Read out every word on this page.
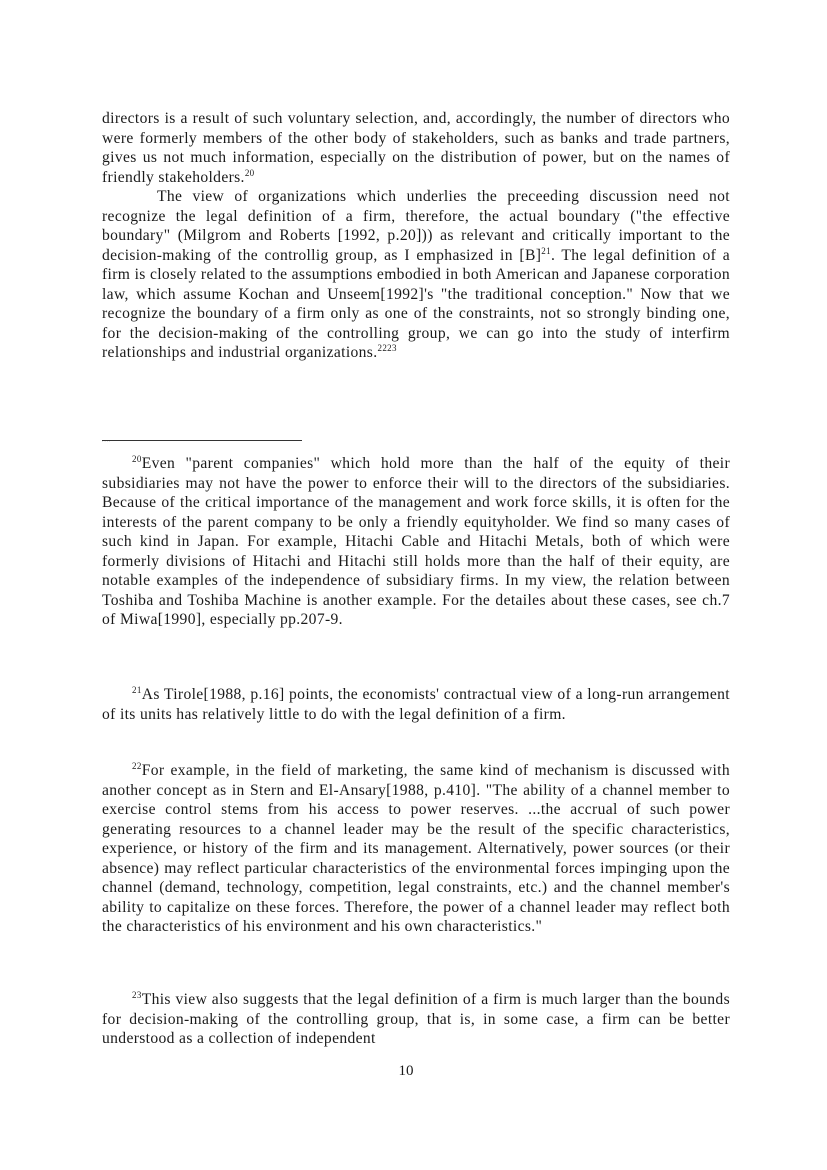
directors is a result of such voluntary selection, and, accordingly, the number of directors who were formerly members of the other body of stakeholders, such as banks and trade partners, gives us not much information, especially on the distribution of power, but on the names of friendly stakeholders.$^{20}$

The view of organizations which underlies the preceeding discussion need not recognize the legal definition of a firm, therefore, the actual boundary ("the effective boundary" (Milgrom and Roberts [1992, p.20])) as relevant and critically important to the decision-making of the controllig group, as I emphasized in $[B]^{21}$. The legal definition of a firm is closely related to the assumptions embodied in both American and Japanese corporation law, which assume Kochan and Unseem[1992]'s "the traditional conception." Now that we recognize the boundary of a firm only as one of the constraints, not so strongly binding one, for the decision-making of the controlling group, we can go into the study of interfirm relationships and industrial organizations.$^{2223}$

· · · ·

$^{20}$Even "parent companies" which hold more than the half of the equity of their subsidiaries may not have the power to enforce their will to the directors of the subsidiaries. Because of the critical importance of the management and work force skills, it is often for the interests of the parent company to be only a friendly equityholder. We find so many cases of such kind in Japan. For example, Hitachi Cable and Hitachi Metals, both of which were formerly divisions of Hitachi and Hitachi still holds more than the half of their equity, are notable examples of the independence of subsidiary firms. In my view, the relation between Toshiba and Toshiba Machine is another example. For the detailes about these cases, see ch.7 of Miwa[1990], especially pp.207-9.

$^{21}$As Tirole[1988, p.16] points, the economists' contractual view of a long-run arrangement of its units has relatively little to do with the legal definition of a firm.

$^{22}$For example, in the field of marketing, the same kind of mechanism is discussed with another concept as in Stern and El-Ansary[1988, p.410]. "The ability of a channel member to exercise control stems from his access to power reserves. ...the accrual of such power generating resources to a channel leader may be the result of the specific characteristics, experience, or history of the firm and its management. Alternatively, power sources (or their absence) may reflect particular characteristics of the environmental forces impinging upon the channel (demand, technology, competition, legal constraints, etc.) and the channel member's ability to capitalize on these forces. Therefore, the power of a channel leader may reflect both the characteristics of his environment and his own characteristics."

$^{23}$This view also suggests that the legal definition of a firm is much larger than the bounds for decision-making of the controlling group, that is, in some case, a firm can be better understood as a collection of independent

10
